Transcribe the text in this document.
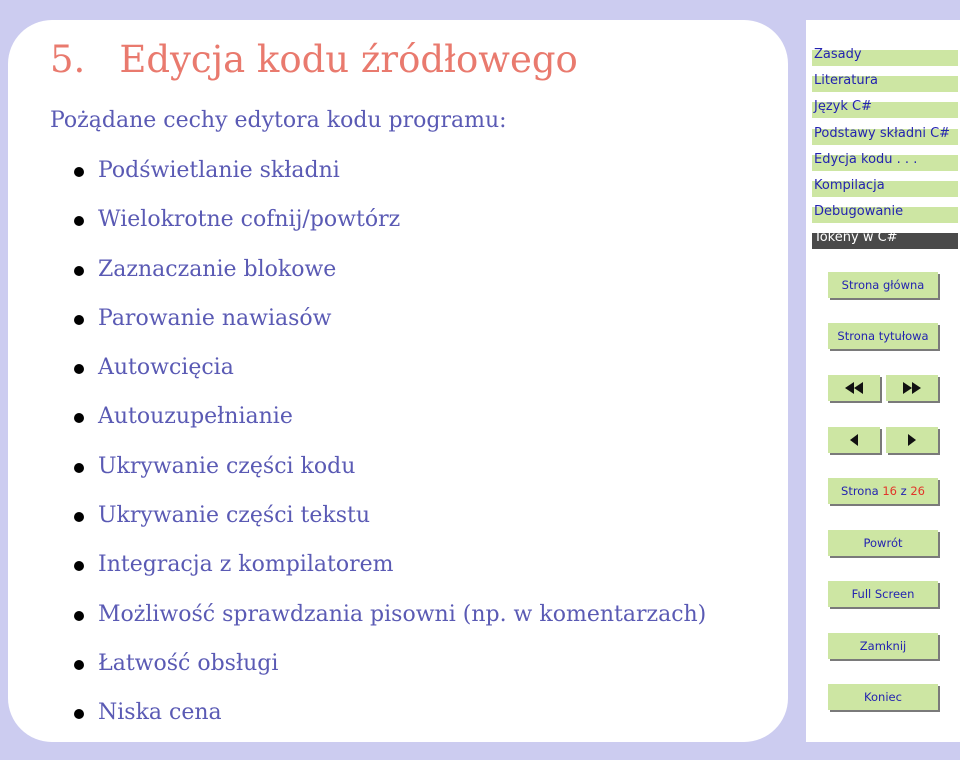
5. Edycja kodu źródłowego

Pożądane cechy edytora kodu programu:

Podświetlanie składni
Wielokrotne cofnij/powtórz
Zaznaczanie blokowe
Parowanie nawiasów
Autowcięcia
Autouzupełnianie
Ukrywanie części kodu
Ukrywanie części tekstu
Integracja z kompilatorem
Możliwość sprawdzania pisowni (np. w komentarzach)
Łatwość obsługi
Niska cena
Zasady
Literatura
Język C#
Podstawy składni C#
Edycja kodu . . .
Kompilacja
Debugowanie
Tokeny w C#
Strona główna
Strona tytułowa
Strona
16
z
26
Powrót
Full Screen
Zamknij
Koniec
